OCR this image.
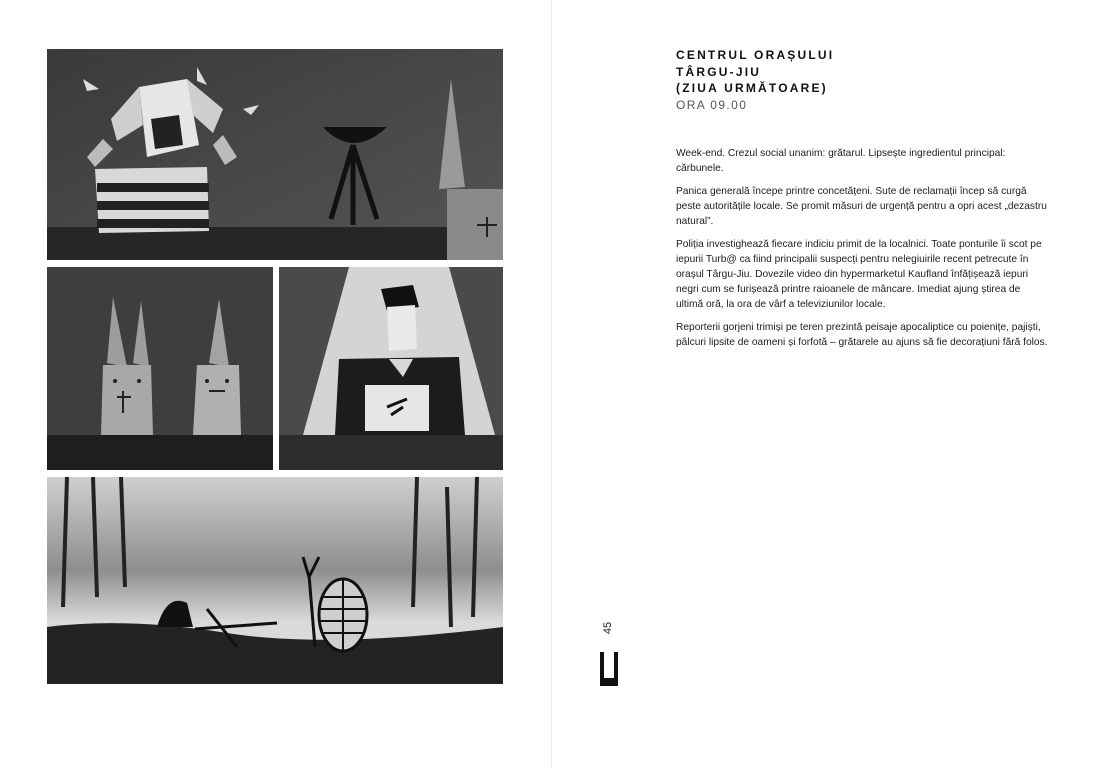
45
CENTRUL ORAȘULUI
TÂRGU-JIU
(ZIUA URMĂTOARE)
ORA 09.00

Week-end. Crezul social unanim: grătarul. Lipsește ingredientul principal: cărbunele.

Panica generală începe printre concetățeni. Sute de reclamații încep să curgă peste autoritățile locale. Se promit măsuri de urgență pentru a opri acest „dezastru natural”.

Poliția investighează fiecare indiciu primit de la localnici. Toate ponturile îi scot pe iepurii Turb@ ca fiind principalii suspecți pentru nelegiuirile recent petrecute în orașul Târgu-Jiu. Dovezile video din hypermarketul Kaufland înfățișează iepuri negri cum se furișează printre raioanele de mâncare. Imediat ajung știrea de ultimă oră, la ora de vârf a televiziunilor locale.

Reporterii gorjeni trimiși pe teren prezintă peisaje apocaliptice cu poienițe, pajiști, pâlcuri lipsite de oameni și forfotă – grătarele au ajuns să fie decorațiuni fără folos.
